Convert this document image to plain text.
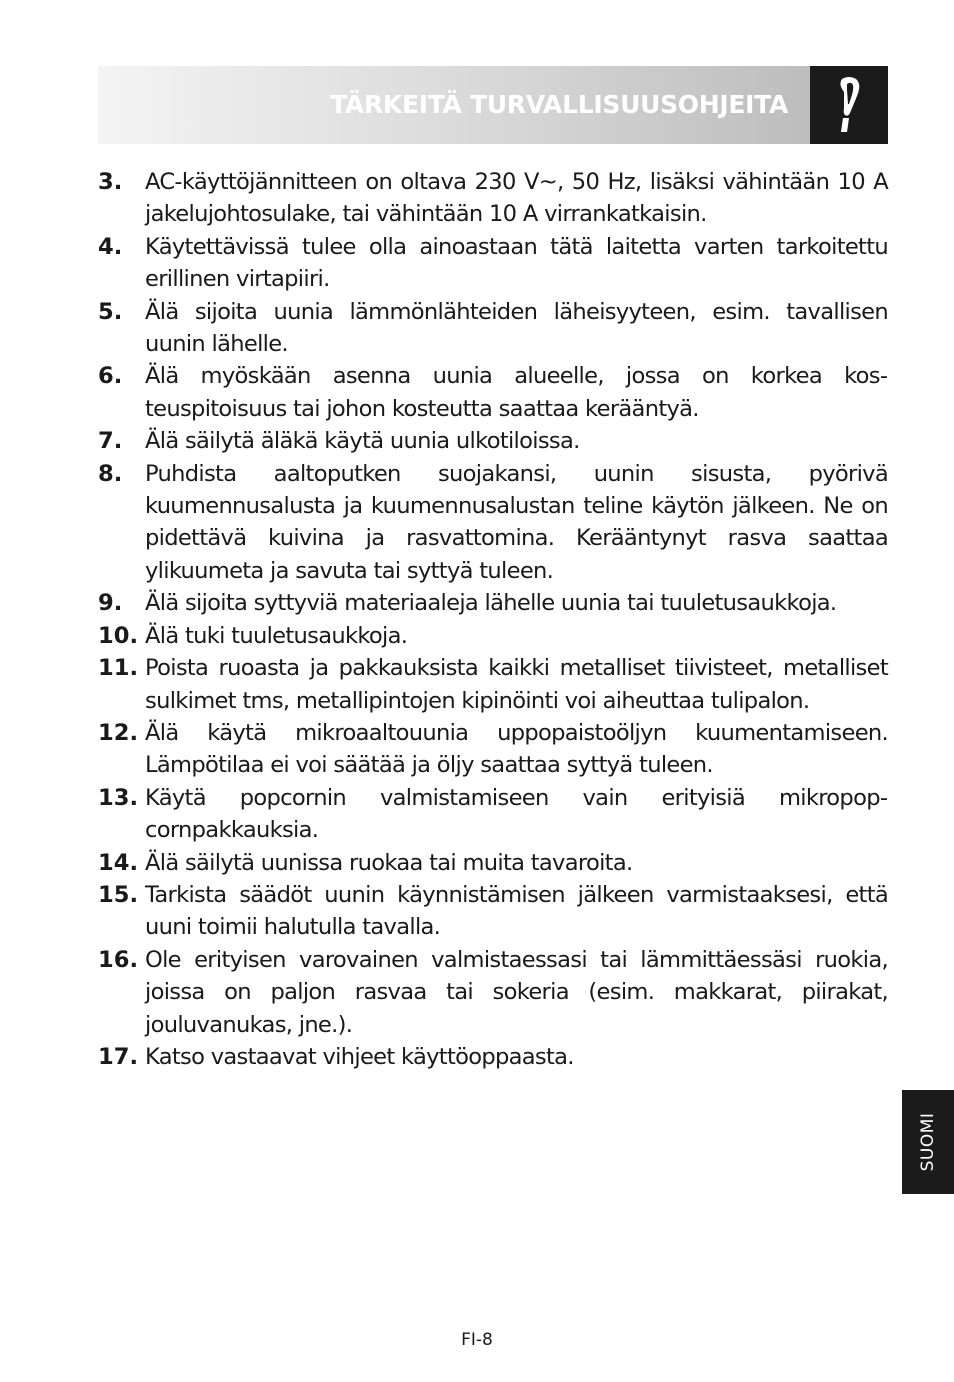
TÄRKEITÄ TURVALLISUUSOHJEITA
3.	AC-käyttöjännitteen on oltava 230 V~, 50 Hz, lisäksi vähintään 10 A jakelujohtosulake, tai vähintään 10 A virrankatkaisin.
4.	Käytettävissä tulee olla ainoastaan tätä laitetta varten tarkoitettu erillinen virtapiiri.
5.	Älä sijoita uunia lämmönlähteiden läheisyyteen, esim. tavallisen uunin lähelle.
6.	Älä myöskään asenna uunia alueelle, jossa on korkea kosteuspitoisuus tai johon kosteutta saattaa kerääntyä.
7.	Älä säilytä äläkä käytä uunia ulkotiloissa.
8.	Puhdista aaltoputken suojakansi, uunin sisusta, pyörivä kuumennusalusta ja kuumennusalustan teline käytön jälkeen. Ne on pidettävä kuivina ja rasvattomina. Kerääntynyt rasva saattaa ylikuumeta ja savuta tai syttyä tuleen.
9.	Älä sijoita syttyviä materiaaleja lähelle uunia tai tuuletusaukkoja.
10. Älä tuki tuuletusaukkoja.
11. Poista ruoasta ja pakkauksista kaikki metalliset tiivisteet, metalliset sulkimet tms, metallipintojen kipinöinti voi aiheuttaa tulipalon.
12. Älä käytä mikroaaltouunia uppopaistoöljyn kuumentamiseen. Lämpötilaa ei voi säätää ja öljy saattaa syttyä tuleen.
13. Käytä popcornin valmistamiseen vain erityisiä mikropopcornpakkauksia.
14. Älä säilytä uunissa ruokaa tai muita tavaroita.
15. Tarkista säädöt uunin käynnistämisen jälkeen varmistaaksesi, että uuni toimii halutulla tavalla.
16. Ole erityisen varovainen valmistaessasi tai lämmittäessäsi ruokia, joissa on paljon rasvaa tai sokeria (esim. makkarat, piirakat, jouluvanukas, jne.).
17. Katso vastaavat vihjeet käyttöoppaasta.
SUOMI
FI-8
